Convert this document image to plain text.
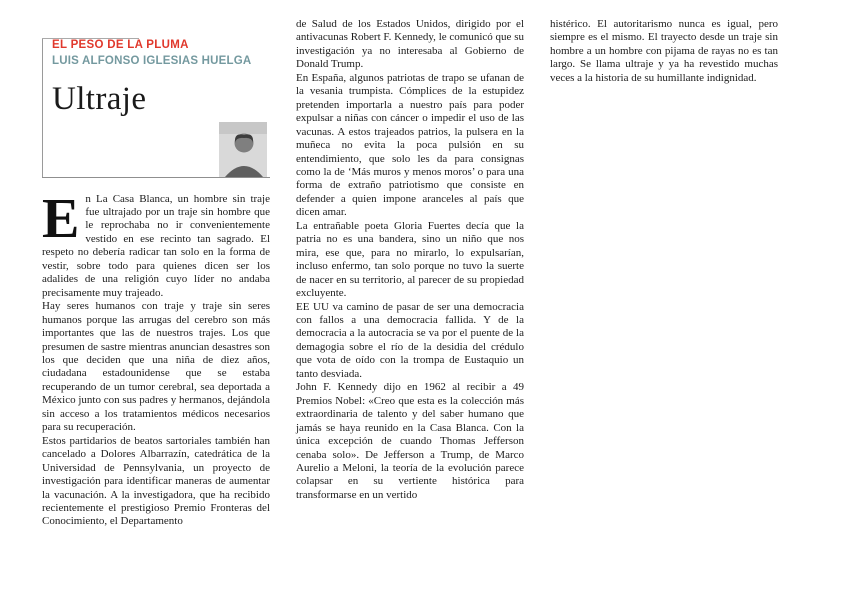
EL PESO DE LA PLUMA
LUIS ALFONSO IGLESIAS HUELGA
Ultraje

En La Casa Blanca, un hombre sin traje fue ultrajado por un traje sin hombre que le reprochaba no ir convenientemente vestido en ese recinto tan sagrado. El respeto no debería radicar tan solo en la forma de vestir, sobre todo para quienes dicen ser los adalides de una religión cuyo líder no andaba precisamente muy trajeado.

Hay seres humanos con traje y traje sin seres humanos porque las arrugas del cerebro son más importantes que las de nuestros trajes. Los que presumen de sastre mientras anuncian desastres son los que deciden que una niña de diez años, ciudadana estadounidense que se estaba recuperando de un tumor cerebral, sea deportada a México junto con sus padres y hermanos, dejándola sin acceso a los tratamientos médicos necesarios para su recuperación.

Estos partidarios de beatos sartoriales también han cancelado a Dolores Albarrazín, catedrática de la Universidad de Pennsylvania, un proyecto de investigación para identificar maneras de aumentar la vacunación. A la investigadora, que ha recibido recientemente el prestigioso Premio Fronteras del Conocimiento, el Departamento

de Salud de los Estados Unidos, dirigido por el antivacunas Robert F. Kennedy, le comunicó que su investigación ya no interesaba al Gobierno de Donald Trump.

En España, algunos patriotas de trapo se ufanan de la vesania trumpista. Cómplices de la estupidez pretenden importarla a nuestro país para poder expulsar a niñas con cáncer o impedir el uso de las vacunas. A estos trajeados patrios, la pulsera en la muñeca no evita la poca pulsión en su entendimiento, que solo les da para consignas como la de ‘Más muros y menos moros’ o para una forma de extraño patriotismo que consiste en defender a quien impone aranceles al país que dicen amar.

La entrañable poeta Gloria Fuertes decía que la patria no es una bandera, sino un niño que nos mira, ese que, para no mirarlo, lo expulsarían, incluso enfermo, tan solo porque no tuvo la suerte de nacer en su territorio, al parecer de su propiedad excluyente.

EE UU va camino de pasar de ser una democracia con fallos a una democracia fallida. Y de la democracia a la autocracia se va por el puente de la demagogia sobre el río de la desidia del crédulo que vota de oído con la trompa de Eustaquio un tanto desviada.

John F. Kennedy dijo en 1962 al recibir a 49 Premios Nobel: «Creo que esta es la colección más extraordinaria de talento y del saber humano que jamás se haya reunido en la Casa Blanca. Con la única excepción de cuando Thomas Jefferson cenaba solo». De Jefferson a Trump, de Marco Aurelio a Meloni, la teoría de la evolución parece colapsar en su vertiente histórica para transformarse en un vertido

histérico. El autoritarismo nunca es igual, pero siempre es el mismo. El trayecto desde un traje sin hombre a un hombre con pijama de rayas no es tan largo. Se llama ultraje y ya ha revestido muchas veces a la historia de su humillante indignidad.
